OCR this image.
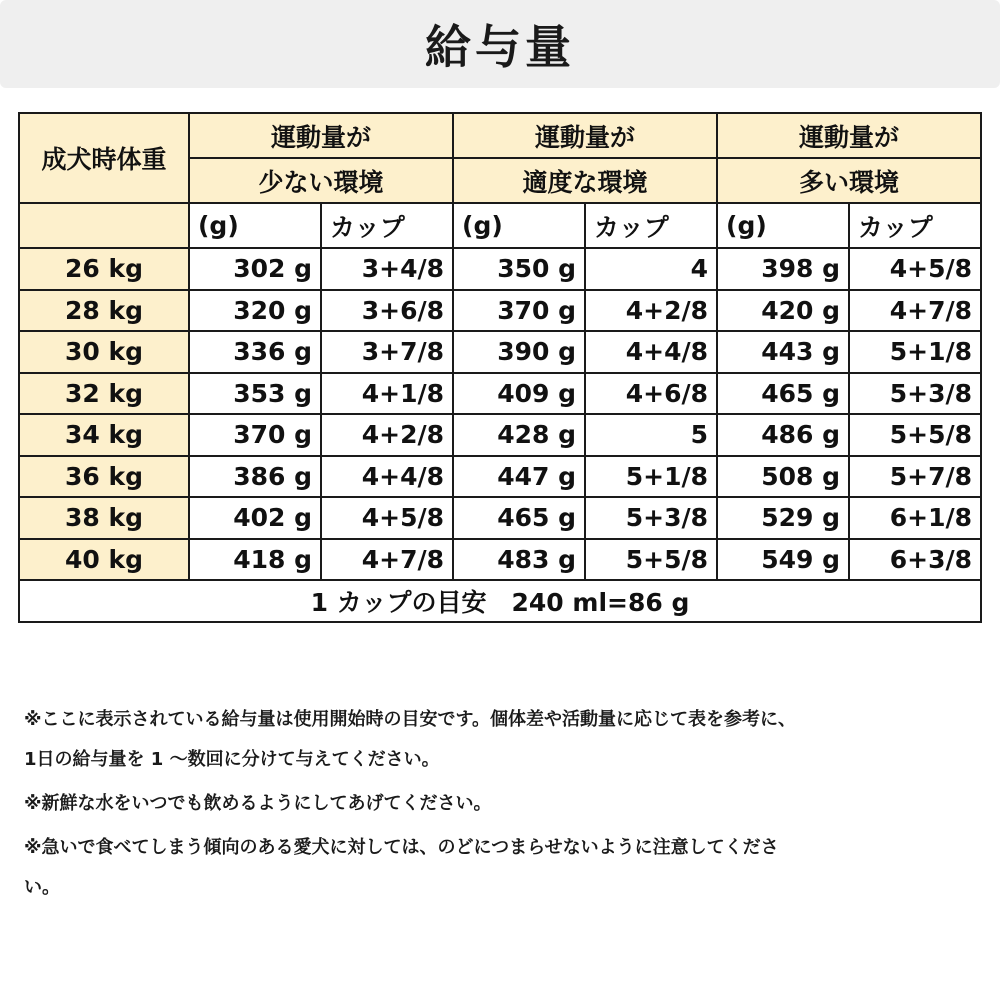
給与量
成犬時体重	運動量が		運動量が		運動量が	
	少ない環境		適度な環境		多い環境	
	(g)	カップ	(g)	カップ	(g)	カップ
26 kg	302 g	3+4/8	350 g	4	398 g	4+5/8
28 kg	320 g	3+6/8	370 g	4+2/8	420 g	4+7/8
30 kg	336 g	3+7/8	390 g	4+4/8	443 g	5+1/8
32 kg	353 g	4+1/8	409 g	4+6/8	465 g	5+3/8
34 kg	370 g	4+2/8	428 g	5	486 g	5+5/8
36 kg	386 g	4+4/8	447 g	5+1/8	508 g	5+7/8
38 kg	402 g	4+5/8	465 g	5+3/8	529 g	6+1/8
40 kg	418 g	4+7/8	483 g	5+5/8	549 g	6+3/8
1 カップの目安　240 ml=86 g						

※ここに表示されている給与量は使用開始時の目安です。個体差や活動量に応じて表を参考に、

1日の給与量を 1 〜数回に分けて与えてください。

※新鮮な水をいつでも飲めるようにしてあげてください。

※急いで食べてしまう傾向のある愛犬に対しては、のどにつまらせないように注意してくださ

い。
